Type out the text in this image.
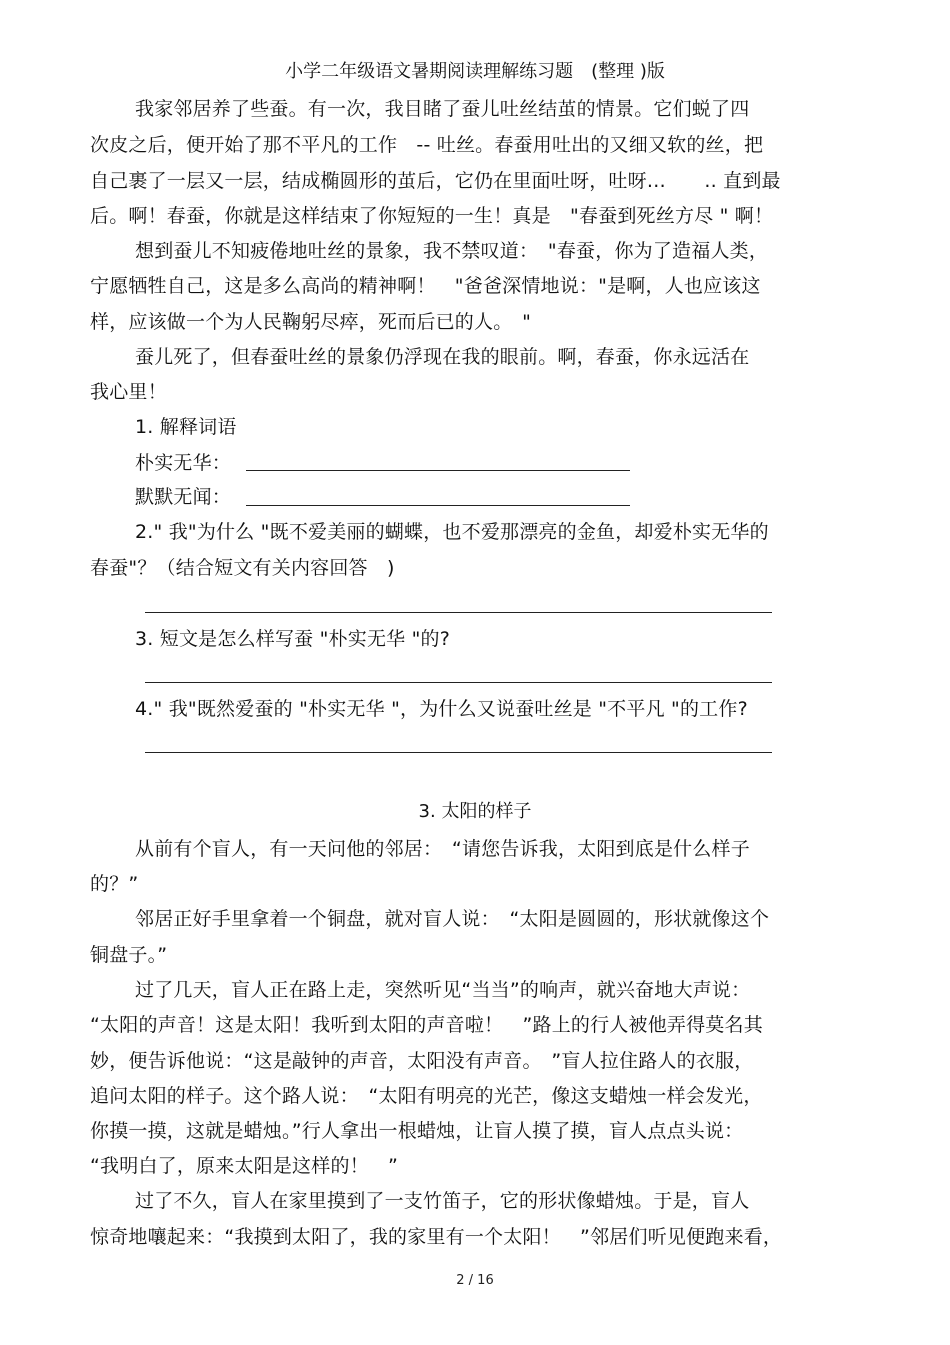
小学二年级语文暑期阅读理解练习题　(整理 )版
我家邻居养了些蚕。有一次，我目睹了蚕儿吐丝结茧的情景。它们蜕了四
次皮之后，便开始了那不平凡的工作　-- 吐丝。春蚕用吐出的又细又软的丝，把
自己裹了一层又一层，结成椭圆形的茧后，它仍在里面吐呀，吐呀…　　.. 直到最
后。啊！春蚕，你就是这样结束了你短短的一生！真是　"春蚕到死丝方尽 " 啊！
想到蚕儿不知疲倦地吐丝的景象，我不禁叹道：　"春蚕，你为了造福人类，
宁愿牺牲自己，这是多么高尚的精神啊！　"爸爸深情地说："是啊，人也应该这
样，应该做一个为人民鞠躬尽瘁，死而后已的人。　"
蚕儿死了，但春蚕吐丝的景象仍浮现在我的眼前。啊，春蚕，你永远活在
我心里！
1. 解释词语
朴实无华：
默默无闻：
2." 我"为什么 "既不爱美丽的蝴蝶，也不爱那漂亮的金鱼，却爱朴实无华的
春蚕"？（结合短文有关内容回答　)
3. 短文是怎么样写蚕 "朴实无华 "的?
4." 我"既然爱蚕的 "朴实无华 "，为什么又说蚕吐丝是 "不平凡 "的工作?
3. 太阳的样子
从前有个盲人，有一天问他的邻居：　“请您告诉我，太阳到底是什么样子
的？”
邻居正好手里拿着一个铜盘，就对盲人说：　“太阳是圆圆的，形状就像这个
铜盘子。”
过了几天，盲人正在路上走，突然听见“当当”的响声，就兴奋地大声说：
“太阳的声音！这是太阳！我听到太阳的声音啦！　”路上的行人被他弄得莫名其
妙，便告诉他说：“这是敲钟的声音，太阳没有声音。　”盲人拉住路人的衣服，
追问太阳的样子。这个路人说：　“太阳有明亮的光芒，像这支蜡烛一样会发光，
你摸一摸，这就是蜡烛。”行人拿出一根蜡烛，让盲人摸了摸，盲人点点头说：
“我明白了，原来太阳是这样的！　”
过了不久，盲人在家里摸到了一支竹笛子，它的形状像蜡烛。于是，盲人
惊奇地嚷起来：“我摸到太阳了，我的家里有一个太阳！　”邻居们听见便跑来看，
2 / 16
